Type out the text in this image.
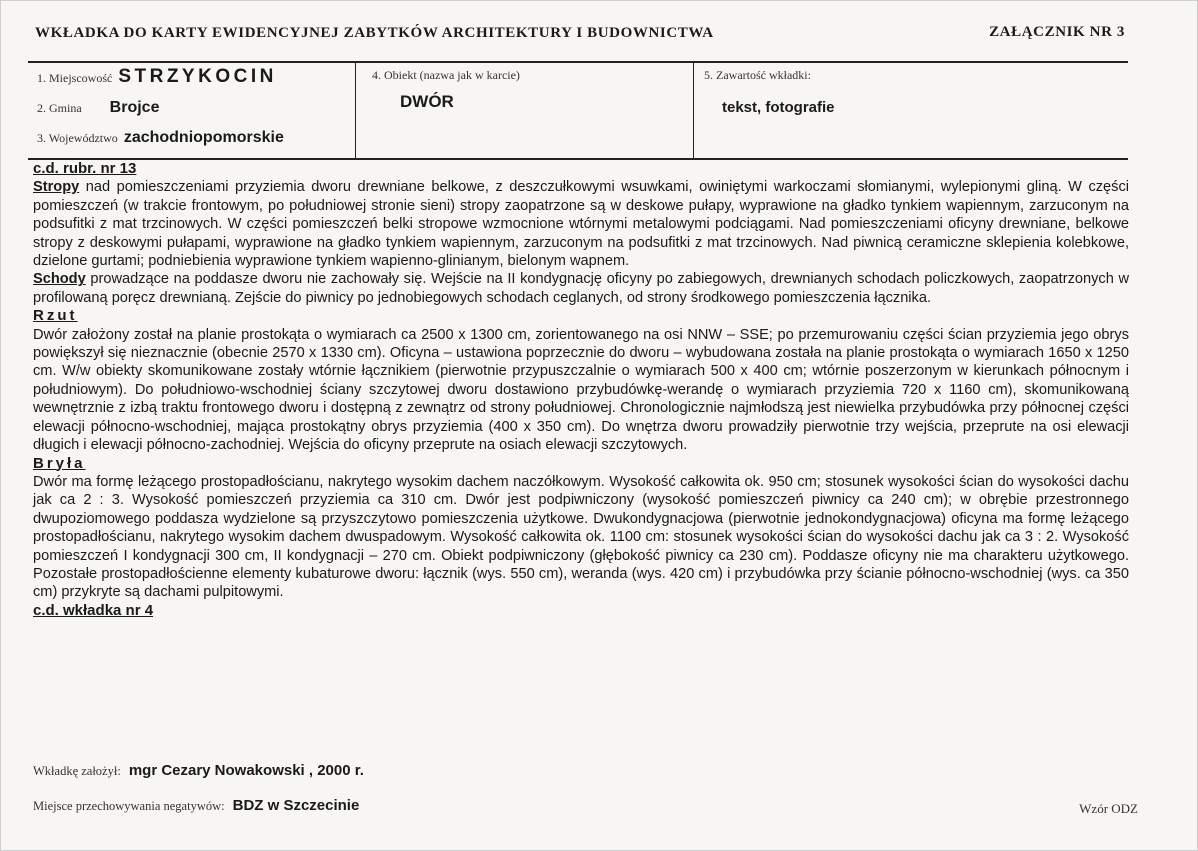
WKŁADKA DO KARTY EWIDENCYJNEJ ZABYTKÓW ARCHITEKTURY I BUDOWNICTWA	ZAŁĄCZNIK NR 3
1. Miejscowość STRZYKOCIN
2. Gmina Brojce
3. Województwo zachodniopomorskie
4. Obiekt (nazwa jak w karcie)
DWÓR
5. Zawartość wkładki:
tekst, fotografie
c.d. rubr. nr 13

Stropy nad pomieszczeniami przyziemia dworu drewniane belkowe, z deszczułkowymi wsuwkami, owiniętymi warkoczami słomianymi, wylepionymi gliną. W części pomieszczeń (w trakcie frontowym, po południowej stronie sieni) stropy zaopatrzone są w deskowe pułapy, wyprawione na gładko tynkiem wapiennym, zarzuconym na podsufitki z mat trzcinowych. W części pomieszczeń belki stropowe wzmocnione wtórnymi metalowymi podciągami. Nad pomieszczeniami oficyny drewniane, belkowe stropy z deskowymi pułapami, wyprawione na gładko tynkiem wapiennym, zarzuconym na podsufitki z mat trzcinowych. Nad piwnicą ceramiczne sklepienia kolebkowe, dzielone gurtami; podniebienia wyprawione tynkiem wapienno-glinianym, bielonym wapnem.

Schody prowadzące na poddasze dworu nie zachowały się. Wejście na II kondygnację oficyny po zabiegowych, drewnianych schodach policzkowych, zaopatrzonych w profilowaną poręcz drewnianą. Zejście do piwnicy po jednobiegowych schodach ceglanych, od strony środkowego pomieszczenia łącznika.

Rzut

Dwór założony został na planie prostokąta o wymiarach ca 2500 x 1300 cm, zorientowanego na osi NNW – SSE; po przemurowaniu części ścian przyziemia jego obrys powiększył się nieznacznie (obecnie 2570 x 1330 cm). Oficyna – ustawiona poprzecznie do dworu – wybudowana została na planie prostokąta o wymiarach 1650 x 1250 cm. W/w obiekty skomunikowane zostały wtórnie łącznikiem (pierwotnie przypuszczalnie o wymiarach 500 x 400 cm; wtórnie poszerzonym w kierunkach północnym i południowym). Do południowo-wschodniej ściany szczytowej dworu dostawiono przybudówkę-werandę o wymiarach przyziemia 720 x 1160 cm), skomunikowaną wewnętrznie z izbą traktu frontowego dworu i dostępną z zewnątrz od strony południowej. Chronologicznie najmłodszą jest niewielka przybudówka przy północnej części elewacji północno-wschodniej, mająca prostokątny obrys przyziemia (400 x 350 cm). Do wnętrza dworu prowadziły pierwotnie trzy wejścia, przeprute na osi elewacji długich i elewacji północno-zachodniej. Wejścia do oficyny przeprute na osiach elewacji szczytowych.

Bryła

Dwór ma formę leżącego prostopadłościanu, nakrytego wysokim dachem naczółkowym. Wysokość całkowita ok. 950 cm; stosunek wysokości ścian do wysokości dachu jak ca 2 : 3. Wysokość pomieszczeń przyziemia ca 310 cm. Dwór jest podpiwniczony (wysokość pomieszczeń piwnicy ca 240 cm); w obrębie przestronnego dwupoziomowego poddasza wydzielone są przyszczytowo pomieszczenia użytkowe. Dwukondygnacjowa (pierwotnie jednokondygnacjowa) oficyna ma formę leżącego prostopadłościanu, nakrytego wysokim dachem dwuspadowym. Wysokość całkowita ok. 1100 cm: stosunek wysokości ścian do wysokości dachu jak ca 3 : 2. Wysokość pomieszczeń I kondygnacji 300 cm, II kondygnacji – 270 cm. Obiekt podpiwniczony (głębokość piwnicy ca 230 cm). Poddasze oficyny nie ma charakteru użytkowego. Pozostałe prostopadłościenne elementy kubaturowe dworu: łącznik (wys. 550 cm), weranda (wys. 420 cm) i przybudówka przy ścianie północno-wschodniej (wys. ca 350 cm) przykryte są dachami pulpitowymi.

c.d. wkładka nr 4
Wkładkę założył: mgr Cezary Nowakowski , 2000 r.
Miejsce przechowywania negatywów: BDZ w Szczecinie	Wzór ODZ
